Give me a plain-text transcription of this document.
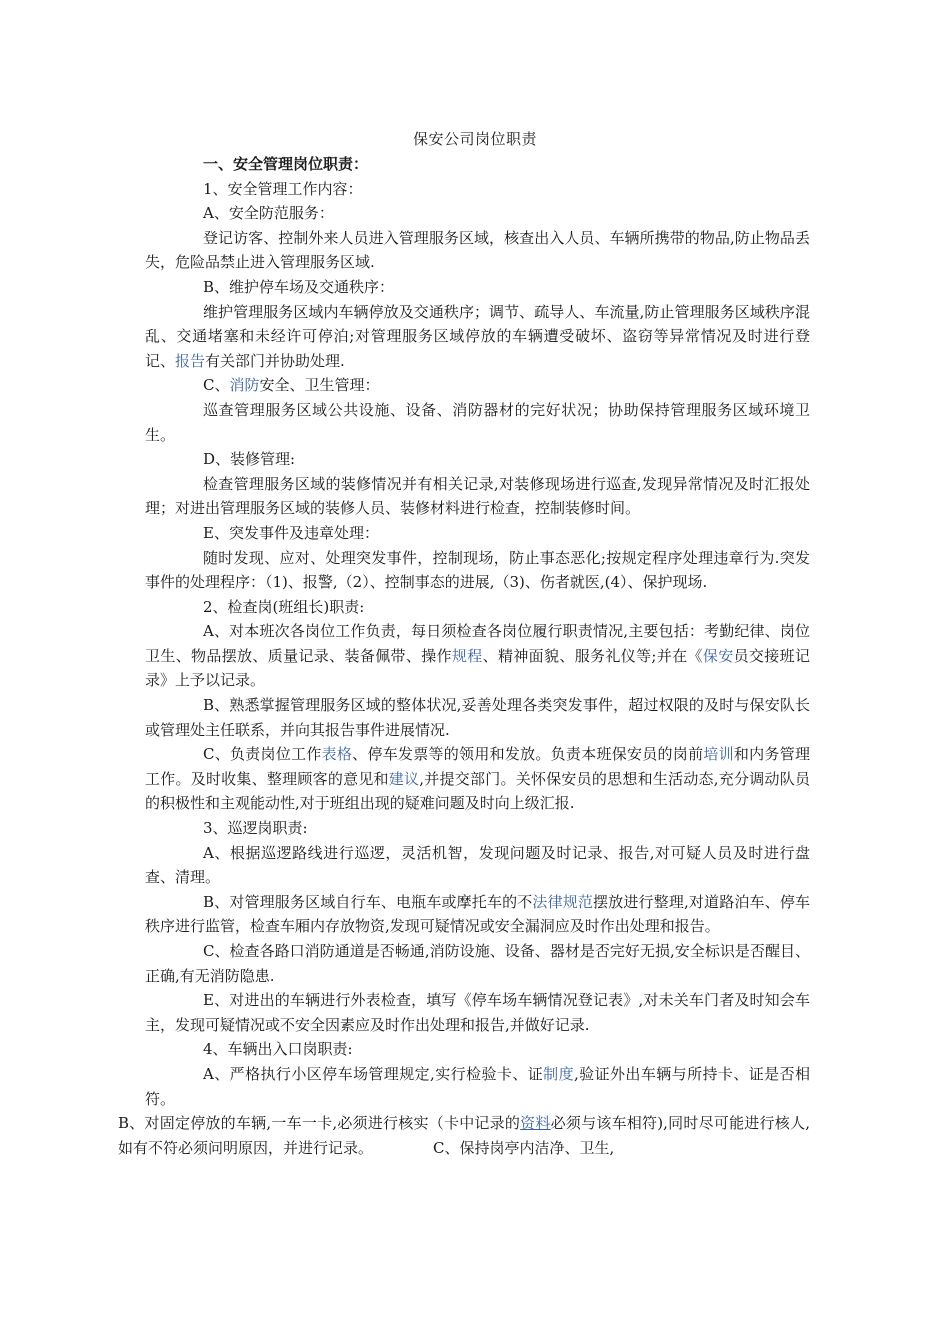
保安公司岗位职责

一、安全管理岗位职责：

1、安全管理工作内容：

A、安全防范服务：

登记访客、控制外来人员进入管理服务区域，核查出入人员、车辆所携带的物品,防止物品丢失，危险品禁止进入管理服务区域.

B、维护停车场及交通秩序：

维护管理服务区域内车辆停放及交通秩序；调节、疏导人、车流量,防止管理服务区域秩序混乱、交通堵塞和未经许可停泊;对管理服务区域停放的车辆遭受破坏、盗窃等异常情况及时进行登记、报告有关部门并协助处理.

C、消防安全、卫生管理：

巡查管理服务区域公共设施、设备、消防器材的完好状况；协助保持管理服务区域环境卫生。

D、装修管理:

检查管理服务区域的装修情况并有相关记录,对装修现场进行巡查,发现异常情况及时汇报处理；对进出管理服务区域的装修人员、装修材料进行检查，控制装修时间。

E、突发事件及违章处理：

随时发现、应对、处理突发事件，控制现场，防止事态恶化;按规定程序处理违章行为.突发事件的处理程序：（1)、报警,（2）、控制事态的进展,（3)、伤者就医,(4）、保护现场.

2、检查岗(班组长)职责:

A、对本班次各岗位工作负责，每日须检查各岗位履行职责情况,主要包括：考勤纪律、岗位卫生、物品摆放、质量记录、装备佩带、操作规程、精神面貌、服务礼仪等;并在《保安员交接班记录》上予以记录。

B、熟悉掌握管理服务区域的整体状况,妥善处理各类突发事件，超过权限的及时与保安队长或管理处主任联系，并向其报告事件进展情况.

C、负责岗位工作表格、停车发票等的领用和发放。负责本班保安员的岗前培训和内务管理工作。及时收集、整理顾客的意见和建议,并提交部门。关怀保安员的思想和生活动态,充分调动队员的积极性和主观能动性,对于班组出现的疑难问题及时向上级汇报.

3、巡逻岗职责:

A、根据巡逻路线进行巡逻，灵活机智，发现问题及时记录、报告,对可疑人员及时进行盘查、清理。

B、对管理服务区域自行车、电瓶车或摩托车的不法律规范摆放进行整理,对道路泊车、停车秩序进行监管，检查车厢内存放物资,发现可疑情况或安全漏洞应及时作出处理和报告。

C、检查各路口消防通道是否畅通,消防设施、设备、器材是否完好无损,安全标识是否醒目、正确,有无消防隐患.

E、对进出的车辆进行外表检查，填写《停车场车辆情况登记表》,对未关车门者及时知会车主，发现可疑情况或不安全因素应及时作出处理和报告,并做好记录.

4、车辆出入口岗职责:

A、严格执行小区停车场管理规定,实行检验卡、证制度,验证外出车辆与所持卡、证是否相符。

B、对固定停放的车辆,一车一卡,必须进行核实（卡中记录的资料必须与该车相符),同时尽可能进行核人,如有不符必须问明原因，并进行记录。	C、保持岗亭内洁净、卫生,
